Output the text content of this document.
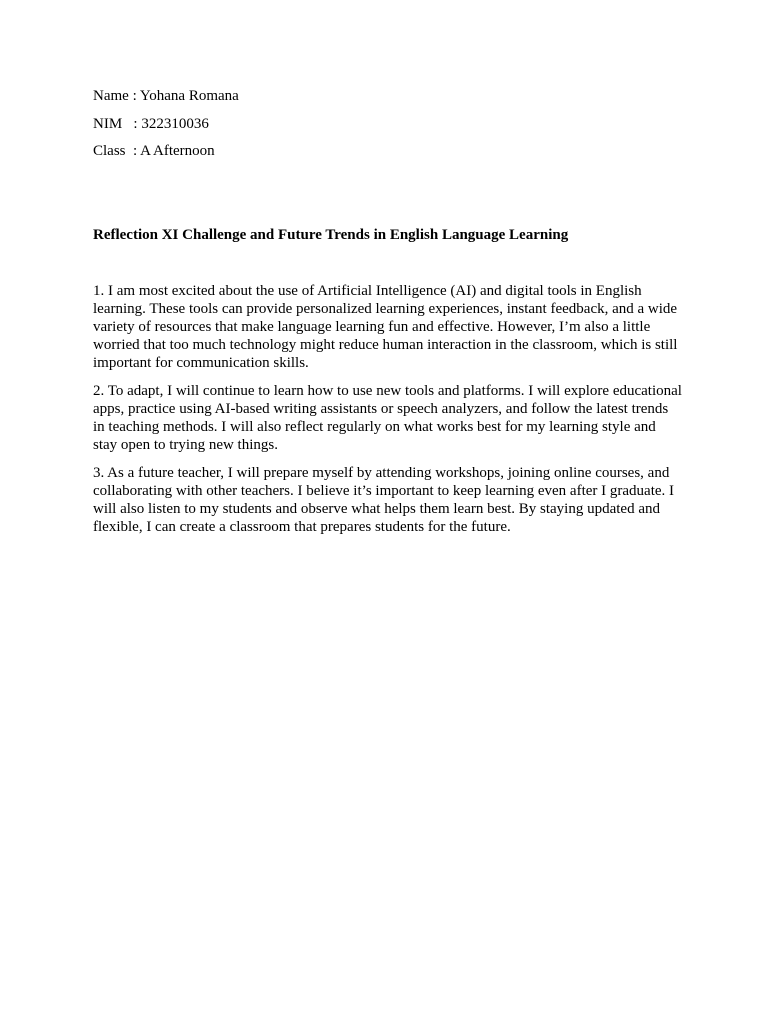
Name : Yohana Romana
NIM   : 322310036
Class  : A Afternoon
Reflection XI Challenge and Future Trends in English Language Learning

1. I am most excited about the use of Artificial Intelligence (AI) and digital tools in English learning. These tools can provide personalized learning experiences, instant feedback, and a wide variety of resources that make language learning fun and effective. However, I’m also a little worried that too much technology might reduce human interaction in the classroom, which is still important for communication skills.

2. To adapt, I will continue to learn how to use new tools and platforms. I will explore educational apps, practice using AI-based writing assistants or speech analyzers, and follow the latest trends in teaching methods. I will also reflect regularly on what works best for my learning style and stay open to trying new things.

3. As a future teacher, I will prepare myself by attending workshops, joining online courses, and collaborating with other teachers. I believe it’s important to keep learning even after I graduate. I will also listen to my students and observe what helps them learn best. By staying updated and flexible, I can create a classroom that prepares students for the future.
